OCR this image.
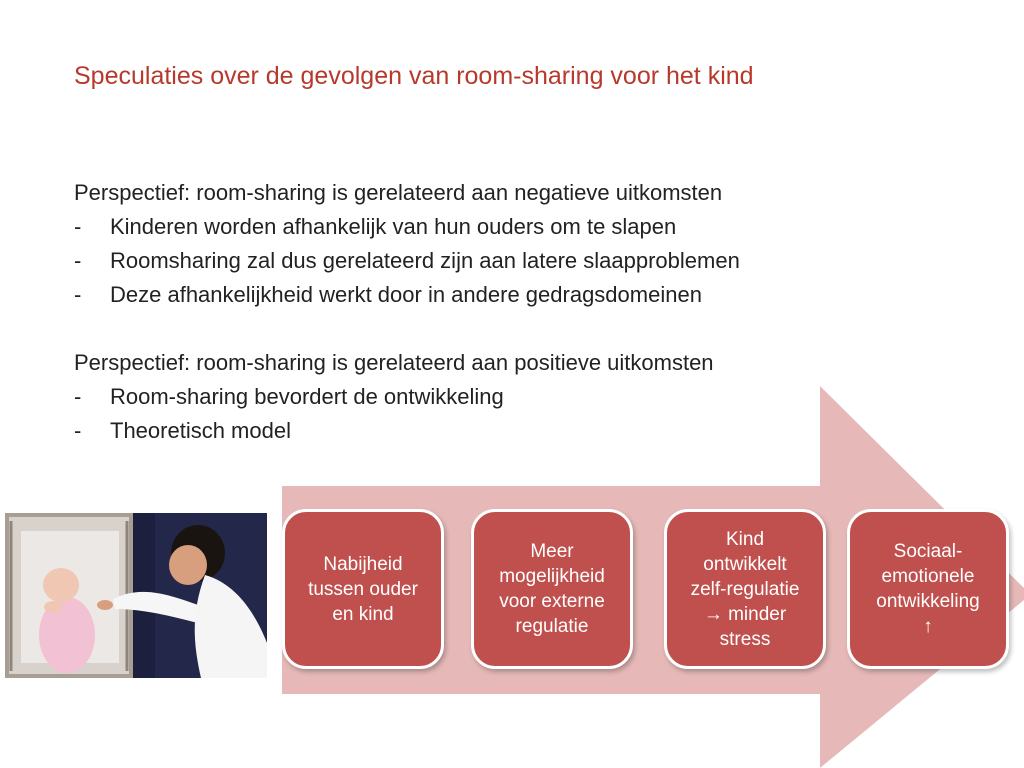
Speculaties over de gevolgen van room-sharing voor het kind
Perspectief: room-sharing is gerelateerd aan negatieve uitkomsten
-	Kinderen worden afhankelijk van hun ouders om te slapen
-	Roomsharing zal dus gerelateerd zijn aan latere slaapproblemen
-	Deze afhankelijkheid werkt door in andere gedragsdomeinen
Perspectief: room-sharing is gerelateerd aan positieve uitkomsten
-	Room-sharing bevordert de ontwikkeling
-	Theoretisch model
Nabijheid
tussen ouder
en kind
Meer
mogelijkheid
voor externe
regulatie
Kind
ontwikkelt
zelf-regulatie
→ minder
stress
Sociaal-
emotionele
ontwikkeling
↑
